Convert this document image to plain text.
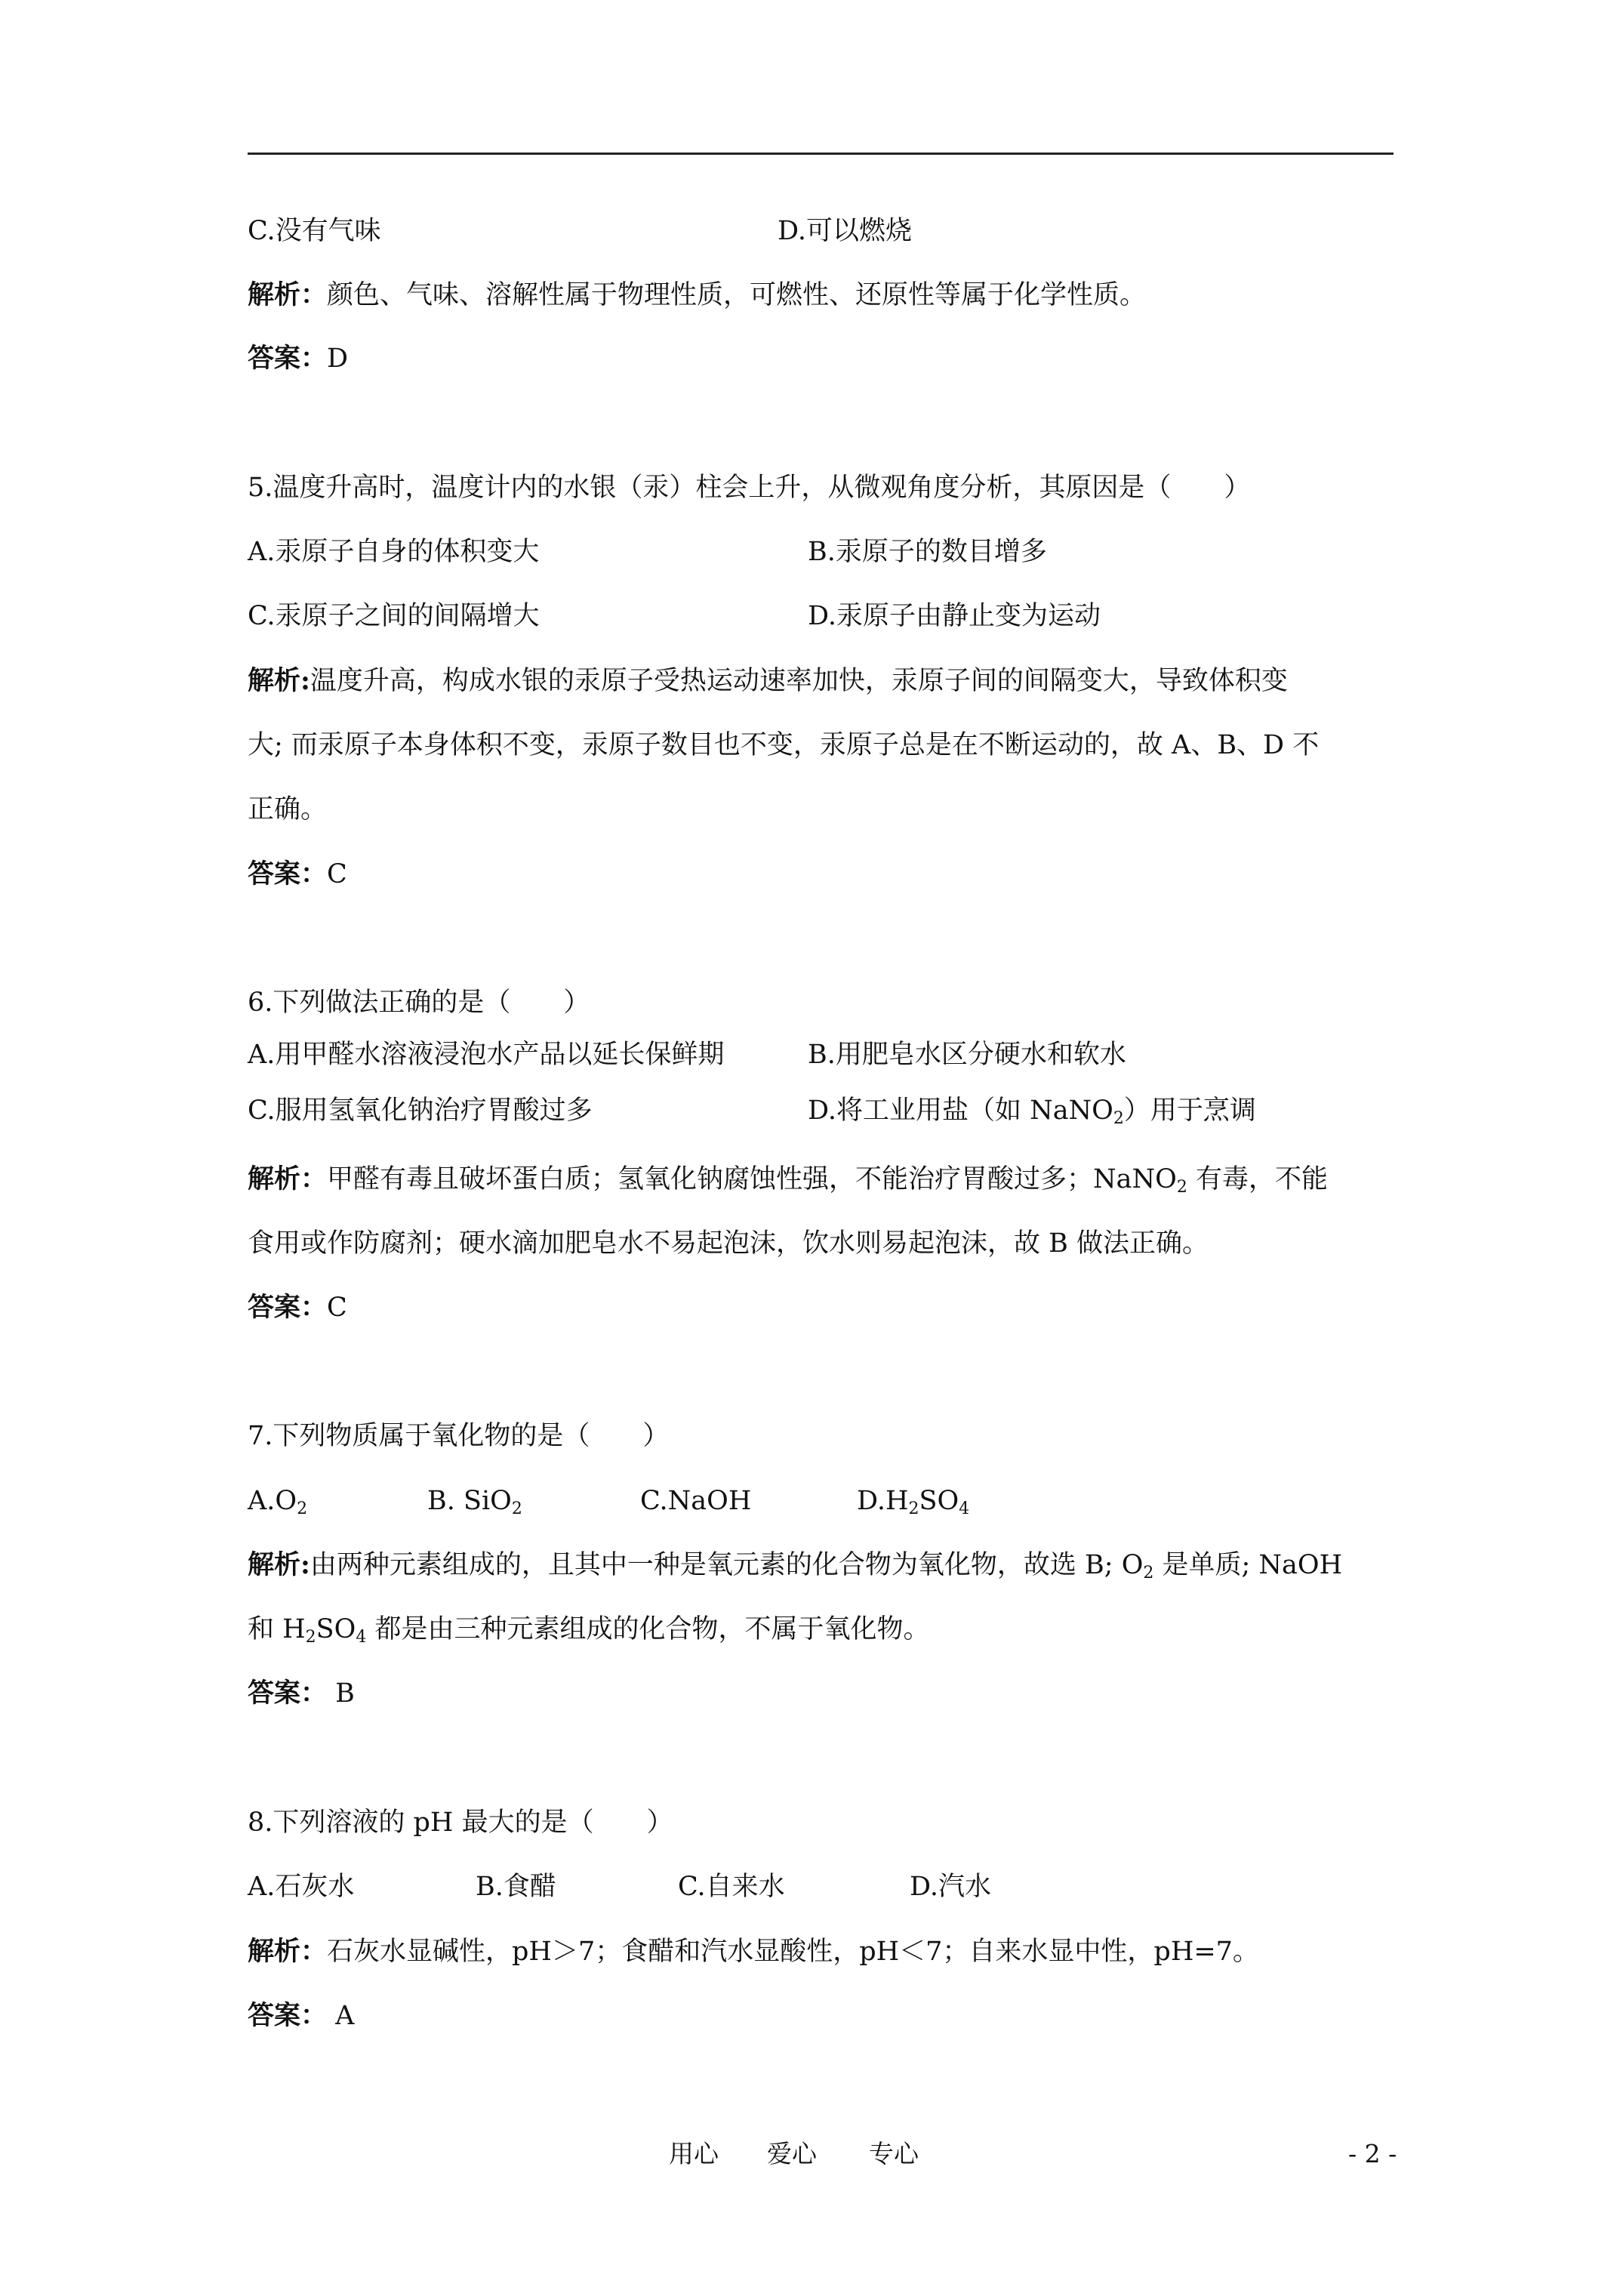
C.没有气味	D.可以燃烧
解析：颜色、气味、溶解性属于物理性质，可燃性、还原性等属于化学性质。
答案：D
5.温度升高时，温度计内的水银（汞）柱会上升，从微观角度分析，其原因是（　　）
A.汞原子自身的体积变大	B.汞原子的数目增多
C.汞原子之间的间隔增大	D.汞原子由静止变为运动
解析:温度升高，构成水银的汞原子受热运动速率加快，汞原子间的间隔变大，导致体积变
大; 而汞原子本身体积不变，汞原子数目也不变，汞原子总是在不断运动的，故 A、B、D 不
正确。
答案：C
6.下列做法正确的是（　　）
A.用甲醛水溶液浸泡水产品以延长保鲜期	B.用肥皂水区分硬水和软水
C.服用氢氧化钠治疗胃酸过多	D.将工业用盐（如 NaNO$_2$）用于烹调
解析：甲醛有毒且破坏蛋白质；氢氧化钠腐蚀性强，不能治疗胃酸过多；NaNO$_2$ 有毒，不能
食用或作防腐剂；硬水滴加肥皂水不易起泡沫，饮水则易起泡沫，故 B 做法正确。
答案：C
7.下列物质属于氧化物的是（　　）
$A.O_2$	B. SiO$_2$	C.NaOH	$D.H_2SO_4$
解析:由两种元素组成的，且其中一种是氧元素的化合物为氧化物，故选 B; $O_2$ 是单质; NaOH
和 $H_2SO_4$ 都是由三种元素组成的化合物，不属于氧化物。
答案： B
8.下列溶液的 pH 最大的是（　　）
A.石灰水	B.食醋	C.自来水	D.汽水
解析：石灰水显碱性，pH＞7；食醋和汽水显酸性，pH＜7；自来水显中性，pH=7。
答案： A
用心 爱心 专心	- 2 -
